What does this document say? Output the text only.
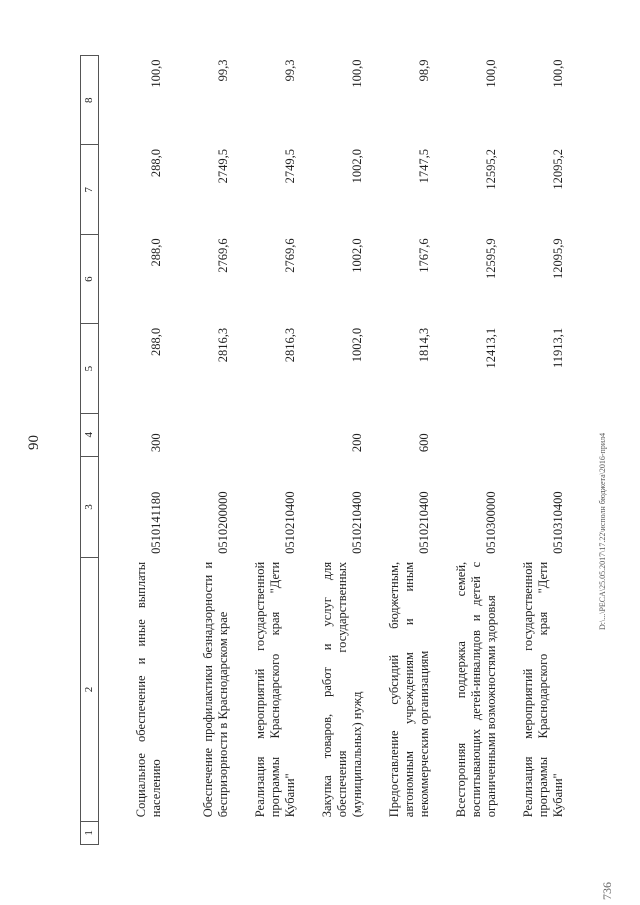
90
1	2	3	4	5	6	7	8
	Социальное обеспечение и иные выплаты населению	0510141180	300	288,0	288,0	288,0	100,0
	Обеспечение профилактики безнадзорности и беспризорности в Краснодарском крае	0510200000		2816,3	2769,6	2749,5	99,3
	Реализация мероприятий государственной программы Краснодарского края "Дети Кубани"	0510210400		2816,3	2769,6	2749,5	99,3
	Закупка товаров, работ и услуг для обеспечения государственных (муниципальных) нужд	0510210400	200	1002,0	1002,0	1002,0	100,0
	Предоставление субсидий бюджетным, автономным учреждениям и иным некоммерческим организациям	0510210400	600	1814,3	1767,6	1747,5	98,9
	Всесторонняя поддержка семей, воспитывающих детей-инвалидов и детей с ограниченными возможностями здоровья	0510300000		12413,1	12595,9	12595,2	100,0
	Реализация мероприятий государственной программы Краснодарского края "Дети Кубани"	0510310400		11913,1	12095,9	12095,2	100,0
D:\...\PECA\25.05.2017\17.22\исполн бюджета\2016-прил4
736
